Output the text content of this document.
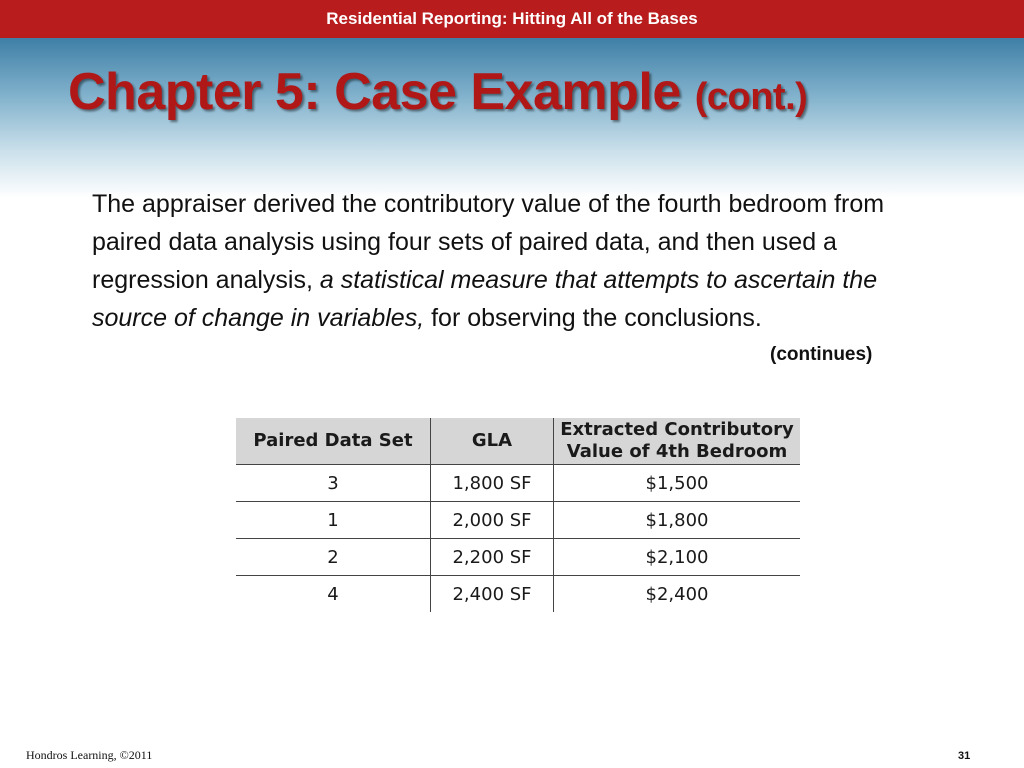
Residential Reporting: Hitting All of the Bases
Chapter 5: Case Example (cont.)

The appraiser derived the contributory value of the fourth bedroom from paired data analysis using four sets of paired data, and then used a regression analysis, a statistical measure that attempts to ascertain the source of change in variables, for observing the conclusions.

(continues)
Paired Data Set	GLA	Extracted Contributory Value of 4th Bedroom
3	1,800 SF	$1,500
1	2,000 SF	$1,800
2	2,200 SF	$2,100
4	2,400 SF	$2,400
Hondros Learning, ©2011	31
